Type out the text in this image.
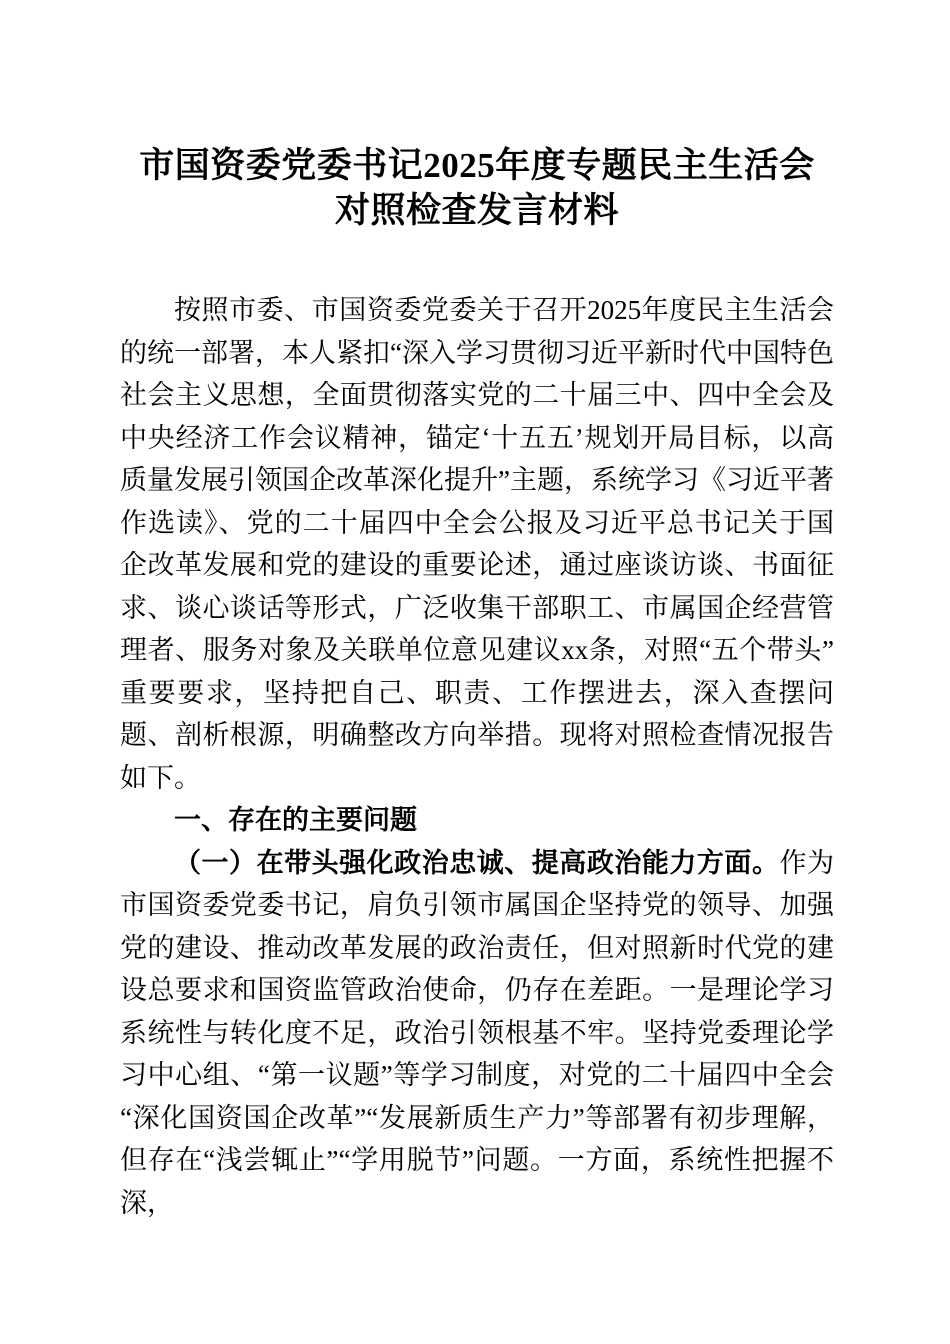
市国资委党委书记2025年度专题民主生活会
对照检查发言材料

按照市委、市国资委党委关于召开2025年度民主生活会的统一部署，本人紧扣“深入学习贯彻习近平新时代中国特色社会主义思想，全面贯彻落实党的二十届三中、四中全会及中央经济工作会议精神，锚定‘十五五’规划开局目标，以高质量发展引领国企改革深化提升”主题，系统学习《习近平著作选读》、党的二十届四中全会公报及习近平总书记关于国企改革发展和党的建设的重要论述，通过座谈访谈、书面征求、谈心谈话等形式，广泛收集干部职工、市属国企经营管理者、服务对象及关联单位意见建议xx条，对照“五个带头”重要要求，坚持把自己、职责、工作摆进去，深入查摆问题、剖析根源，明确整改方向举措。现将对照检查情况报告如下。

一、存在的主要问题

（一）在带头强化政治忠诚、提高政治能力方面。作为市国资委党委书记，肩负引领市属国企坚持党的领导、加强党的建设、推动改革发展的政治责任，但对照新时代党的建设总要求和国资监管政治使命，仍存在差距。一是理论学习系统性与转化度不足，政治引领根基不牢。坚持党委理论学习中心组、“第一议题”等学习制度，对党的二十届四中全会“深化国资国企改革”“发展新质生产力”等部署有初步理解，但存在“浅尝辄止”“学用脱节”问题。一方面，系统性把握不深，
